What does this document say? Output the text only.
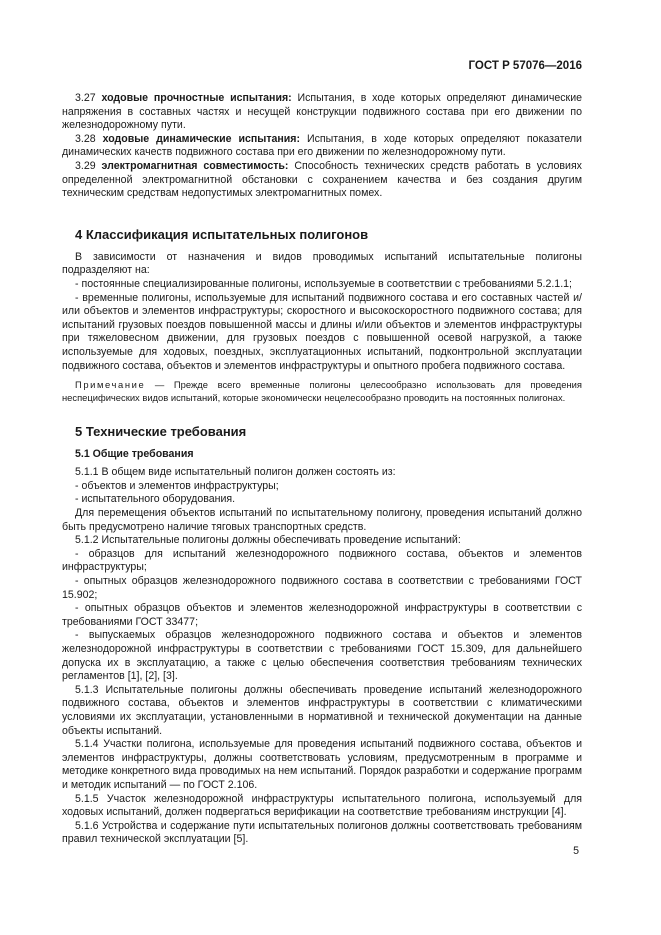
ГОСТ Р 57076—2016

3.27 ходовые прочностные испытания: Испытания, в ходе которых определяют динамические напряжения в составных частях и несущей конструкции подвижного состава при его движении по железнодорожному пути.

3.28 ходовые динамические испытания: Испытания, в ходе которых определяют показатели динамических качеств подвижного состава при его движении по железнодорожному пути.

3.29 электромагнитная совместимость: Способность технических средств работать в условиях определенной электромагнитной обстановки с сохранением качества и без создания другим техническим средствам недопустимых электромагнитных помех.

4 Классификация испытательных полигонов

В зависимости от назначения и видов проводимых испытаний испытательные полигоны подразделяют на:

- постоянные специализированные полигоны, используемые в соответствии с требованиями 5.2.1.1;

- временные полигоны, используемые для испытаний подвижного состава и его составных частей и/или объектов и элементов инфраструктуры; скоростного и высокоскоростного подвижного состава; для испытаний грузовых поездов повышенной массы и длины и/или объектов и элементов инфраструктуры при тяжеловесном движении, для грузовых поездов с повышенной осевой нагрузкой, а также используемые для ходовых, поездных, эксплуатационных испытаний, подконтрольной эксплуатации подвижного состава, объектов и элементов инфраструктуры и опытного пробега подвижного состава.

Примечание — Прежде всего временные полигоны целесообразно использовать для проведения неспецифических видов испытаний, которые экономически нецелесообразно проводить на постоянных полигонах.

5 Технические требования
5.1 Общие требования

5.1.1 В общем виде испытательный полигон должен состоять из:

- объектов и элементов инфраструктуры;

- испытательного оборудования.

Для перемещения объектов испытаний по испытательному полигону, проведения испытаний должно быть предусмотрено наличие тяговых транспортных средств.

5.1.2 Испытательные полигоны должны обеспечивать проведение испытаний:

- образцов для испытаний железнодорожного подвижного состава, объектов и элементов инфраструктуры;

- опытных образцов железнодорожного подвижного состава в соответствии с требованиями ГОСТ 15.902;

- опытных образцов объектов и элементов железнодорожной инфраструктуры в соответствии с требованиями ГОСТ 33477;

- выпускаемых образцов железнодорожного подвижного состава и объектов и элементов железнодорожной инфраструктуры в соответствии с требованиями ГОСТ 15.309, для дальнейшего допуска их в эксплуатацию, а также с целью обеспечения соответствия требованиям технических регламентов [1], [2], [3].

5.1.3 Испытательные полигоны должны обеспечивать проведение испытаний железнодорожного подвижного состава, объектов и элементов инфраструктуры в соответствии с климатическими условиями их эксплуатации, установленными в нормативной и технической документации на данные объекты испытаний.

5.1.4 Участки полигона, используемые для проведения испытаний подвижного состава, объектов и элементов инфраструктуры, должны соответствовать условиям, предусмотренным в программе и методике конкретного вида проводимых на нем испытаний. Порядок разработки и содержание программ и методик испытаний — по ГОСТ 2.106.

5.1.5 Участок железнодорожной инфраструктуры испытательного полигона, используемый для ходовых испытаний, должен подвергаться верификации на соответствие требованиям инструкции [4].

5.1.6 Устройства и содержание пути испытательных полигонов должны соответствовать требованиям правил технической эксплуатации [5].

5
